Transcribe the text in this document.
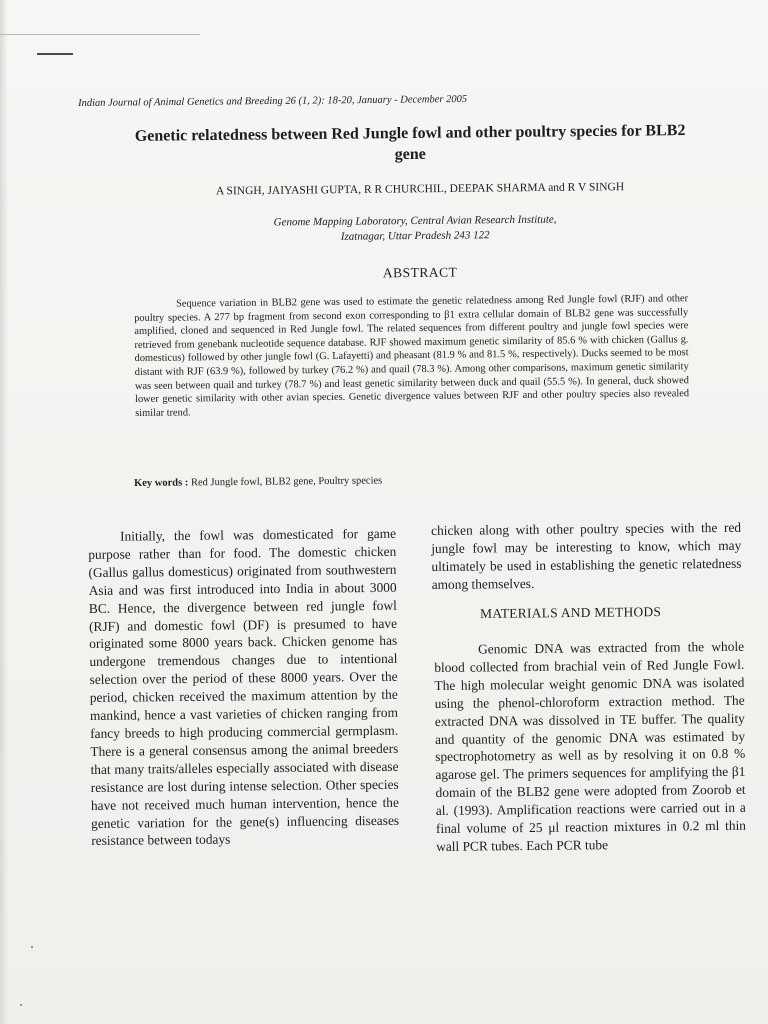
Indian Journal of Animal Genetics and Breeding 26 (1, 2): 18-20, January - December 2005
Genetic relatedness between Red Jungle fowl and other poultry species for BLB2 gene
A SINGH, JAIYASHI GUPTA, R R CHURCHIL, DEEPAK SHARMA and R V SINGH
Genome Mapping Laboratory, Central Avian Research Institute,
Izatnagar, Uttar Pradesh 243 122
ABSTRACT
Sequence variation in BLB2 gene was used to estimate the genetic relatedness among Red Jungle fowl (RJF) and other poultry species. A 277 bp fragment from second exon corresponding to β1 extra cellular domain of BLB2 gene was successfully amplified, cloned and sequenced in Red Jungle fowl. The related sequences from different poultry and jungle fowl species were retrieved from genebank nucleotide sequence database. RJF showed maximum genetic similarity of 85.6 % with chicken (Gallus g. domesticus) followed by other jungle fowl (G. Lafayetti) and pheasant (81.9 % and 81.5 %, respectively). Ducks seemed to be most distant with RJF (63.9 %), followed by turkey (76.2 %) and quail (78.3 %). Among other comparisons, maximum genetic similarity was seen between quail and turkey (78.7 %) and least genetic similarity between duck and quail (55.5 %). In general, duck showed lower genetic similarity with other avian species. Genetic divergence values between RJF and other poultry species also revealed similar trend.
Key words : Red Jungle fowl, BLB2 gene, Poultry species
Initially, the fowl was domesticated for game purpose rather than for food. The domestic chicken (Gallus gallus domesticus) originated from southwestern Asia and was first introduced into India in about 3000 BC. Hence, the divergence between red jungle fowl (RJF) and domestic fowl (DF) is presumed to have originated some 8000 years back. Chicken genome has undergone tremendous changes due to intentional selection over the period of these 8000 years. Over the period, chicken received the maximum attention by the mankind, hence a vast varieties of chicken ranging from fancy breeds to high producing commercial germplasm. There is a general consensus among the animal breeders that many traits/alleles especially associated with disease resistance are lost during intense selection. Other species have not received much human intervention, hence the genetic variation for the gene(s) influencing diseases resistance between todays
chicken along with other poultry species with the red jungle fowl may be interesting to know, which may ultimately be used in establishing the genetic relatedness among themselves.
MATERIALS AND METHODS
Genomic DNA was extracted from the whole blood collected from brachial vein of Red Jungle Fowl. The high molecular weight genomic DNA was isolated using the phenol-chloroform extraction method. The extracted DNA was dissolved in TE buffer. The quality and quantity of the genomic DNA was estimated by spectrophotometry as well as by resolving it on 0.8 % agarose gel. The primers sequences for amplifying the β1 domain of the BLB2 gene were adopted from Zoorob et al. (1993). Amplification reactions were carried out in a final volume of 25 μl reaction mixtures in 0.2 ml thin wall PCR tubes. Each PCR tube
